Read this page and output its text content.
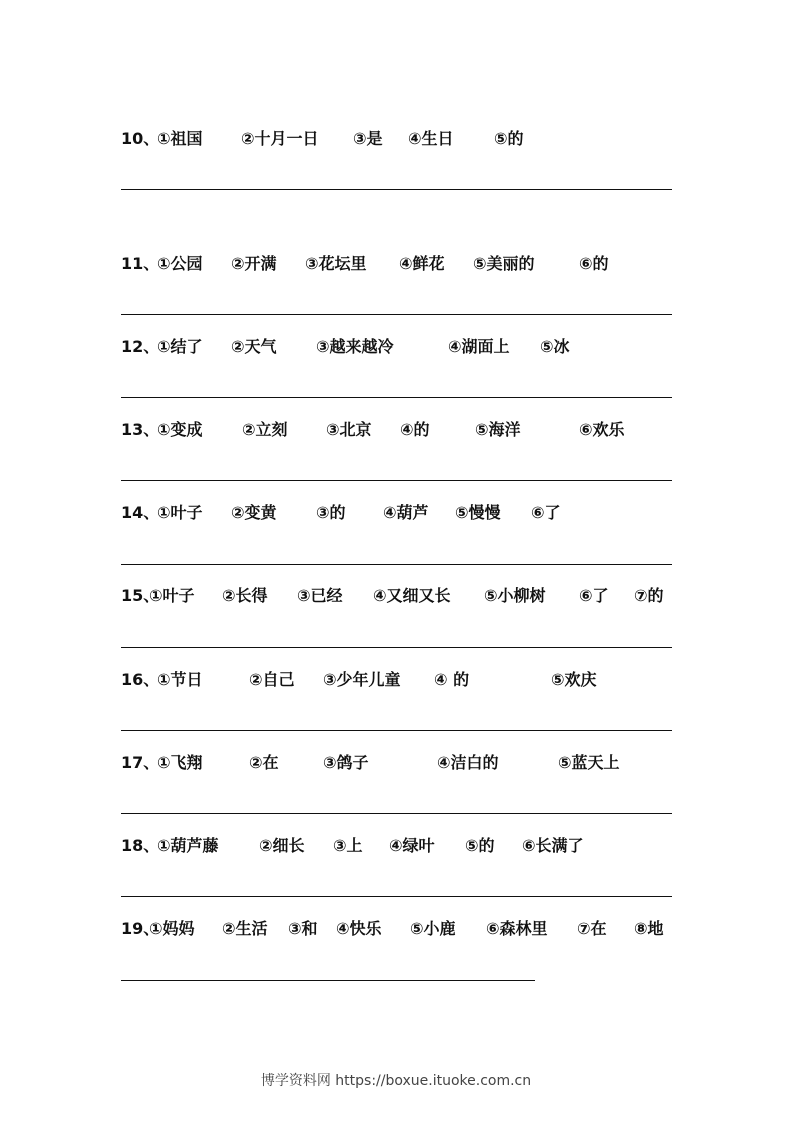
10、
①祖国 ②十月一日 ③是 ④生日	⑤的
11、
①公园 ②开满 ③花坛里 ④鲜花 ⑤美丽的	⑥的
12、
①结了 ②天气 ③越来越冷	④湖面上 ⑤冰
13、
①变成 ②立刻 ③北京 ④的	⑤海洋	⑥欢乐
14、
①叶子 ②变黄 ③的 ④葫芦 ⑤慢慢 ⑥了
15、
①叶子 ②长得 ③已经 ④又细又长 ⑤小柳树 ⑥了 ⑦的
16、
①节日	②自己 ③少年儿童 ④ 的	⑤欢庆
17、
①飞翔	②在	③鸽子	④洁白的	⑤蓝天上
18、
①葫芦藤	②细长 ③上 ④绿叶 ⑤的 ⑥长满了
19、
①妈妈 ②生活 ③和 ④快乐 ⑤小鹿 ⑥森林里 ⑦在 ⑧地
博学资料网 https://boxue.ituoke.com.cn
